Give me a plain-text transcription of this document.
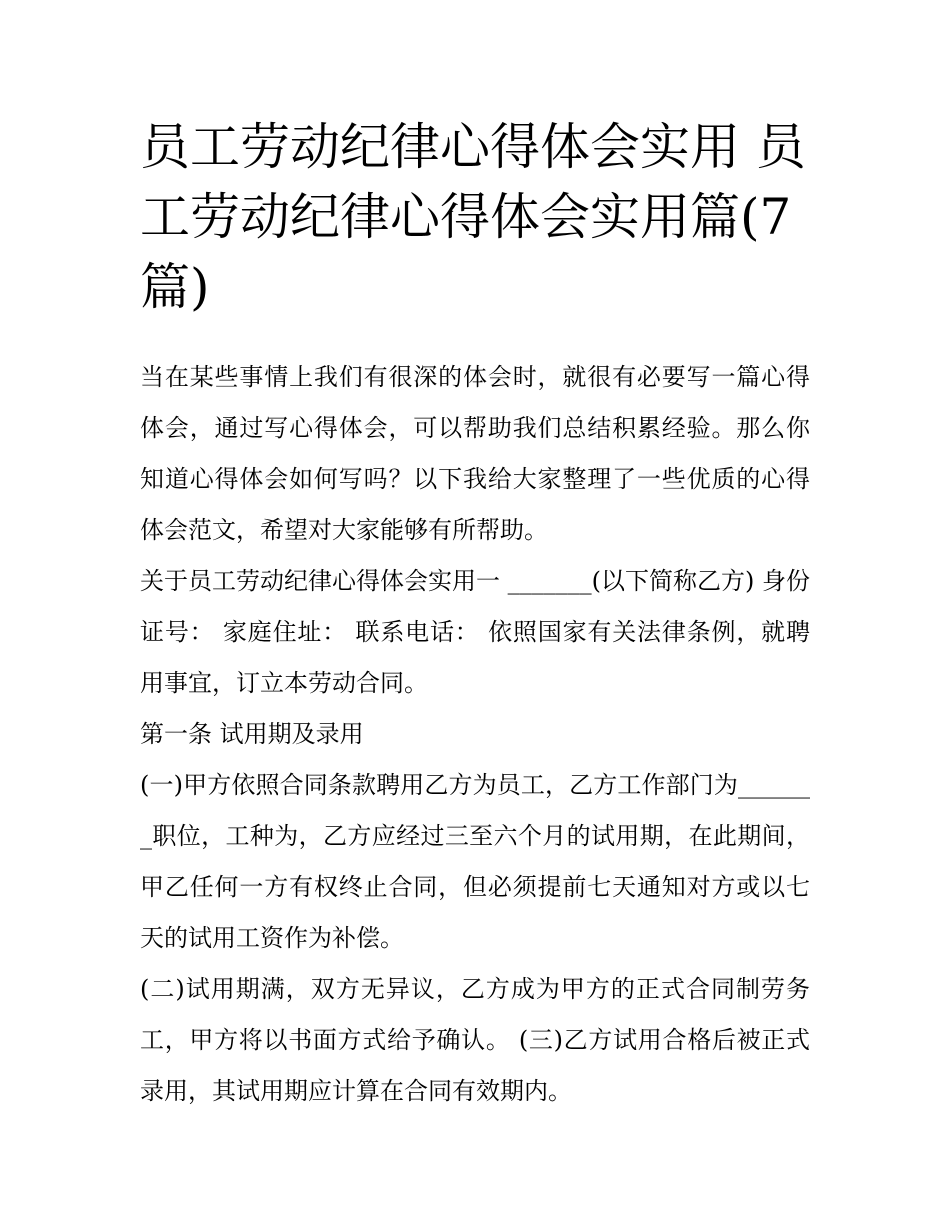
员工劳动纪律心得体会实用 员工劳动纪律心得体会实用篇(7篇)

当在某些事情上我们有很深的体会时，就很有必要写一篇心得体会，通过写心得体会，可以帮助我们总结积累经验。那么你知道心得体会如何写吗？以下我给大家整理了一些优质的心得体会范文，希望对大家能够有所帮助。

关于员工劳动纪律心得体会实用一 _______(以下简称乙方) 身份证号： 家庭住址： 联系电话： 依照国家有关法律条例，就聘用事宜，订立本劳动合同。

第一条 试用期及录用

(一)甲方依照合同条款聘用乙方为员工，乙方工作部门为_______职位，工种为，乙方应经过三至六个月的试用期，在此期间，甲乙任何一方有权终止合同，但必须提前七天通知对方或以七天的试用工资作为补偿。

(二)试用期满，双方无异议，乙方成为甲方的正式合同制劳务工，甲方将以书面方式给予确认。 (三)乙方试用合格后被正式录用，其试用期应计算在合同有效期内。
